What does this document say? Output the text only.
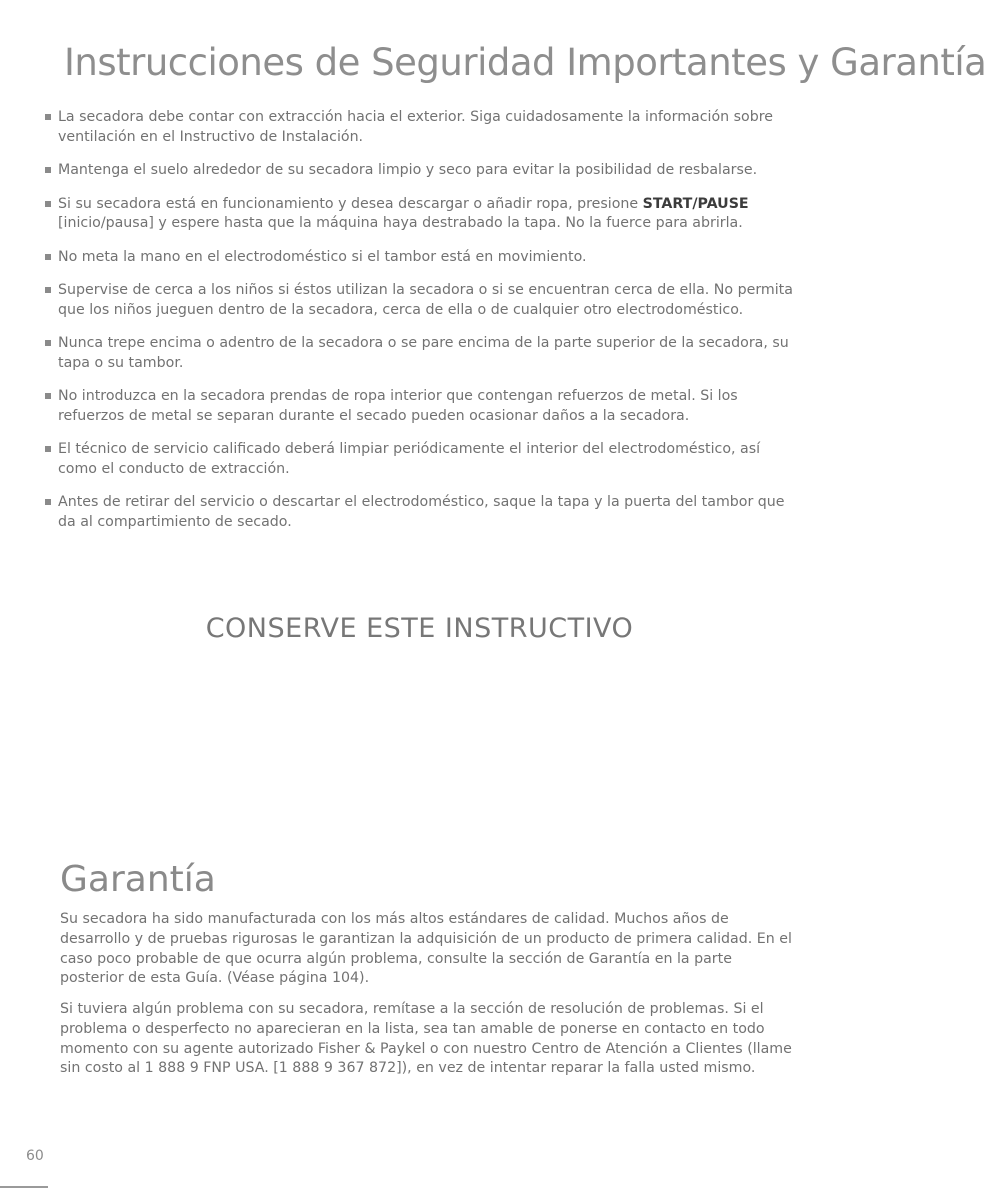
Instrucciones de Seguridad Importantes y Garantía
La secadora debe contar con extracción hacia el exterior. Siga cuidadosamente la información sobre ventilación en el Instructivo de Instalación.
Mantenga el suelo alrededor de su secadora limpio y seco para evitar la posibilidad de resbalarse.
Si su secadora está en funcionamiento y desea descargar o añadir ropa, presione START/PAUSE [inicio/pausa] y espere hasta que la máquina haya destrabado la tapa. No la fuerce para abrirla.
No meta la mano en el electrodoméstico si el tambor está en movimiento.
Supervise de cerca a los niños si éstos utilizan la secadora o si se encuentran cerca de ella. No permita que los niños jueguen dentro de la secadora, cerca de ella o de cualquier otro electrodoméstico.
Nunca trepe encima o adentro de la secadora o se pare encima de la parte superior de la secadora, su tapa o su tambor.
No introduzca en la secadora prendas de ropa interior que contengan refuerzos de metal. Si los refuerzos de metal se separan durante el secado pueden ocasionar daños a la secadora.
El técnico de servicio calificado deberá limpiar periódicamente el interior del electrodoméstico, así como el conducto de extracción.
Antes de retirar del servicio o descartar el electrodoméstico, saque la tapa y la puerta del tambor que da al compartimiento de secado.
CONSERVE ESTE INSTRUCTIVO
Garantía

Su secadora ha sido manufacturada con los más altos estándares de calidad. Muchos años de desarrollo y de pruebas rigurosas le garantizan la adquisición de un producto de primera calidad. En el caso poco probable de que ocurra algún problema, consulte la sección de Garantía en la parte posterior de esta Guía. (Véase página 104).

Si tuviera algún problema con su secadora, remítase a la sección de resolución de problemas. Si el problema o desperfecto no aparecieran en la lista, sea tan amable de ponerse en contacto en todo momento con su agente autorizado Fisher & Paykel o con nuestro Centro de Atención a Clientes (llame sin costo al 1 888 9 FNP USA. [1 888 9 367 872]), en vez de intentar reparar la falla usted mismo.

60
